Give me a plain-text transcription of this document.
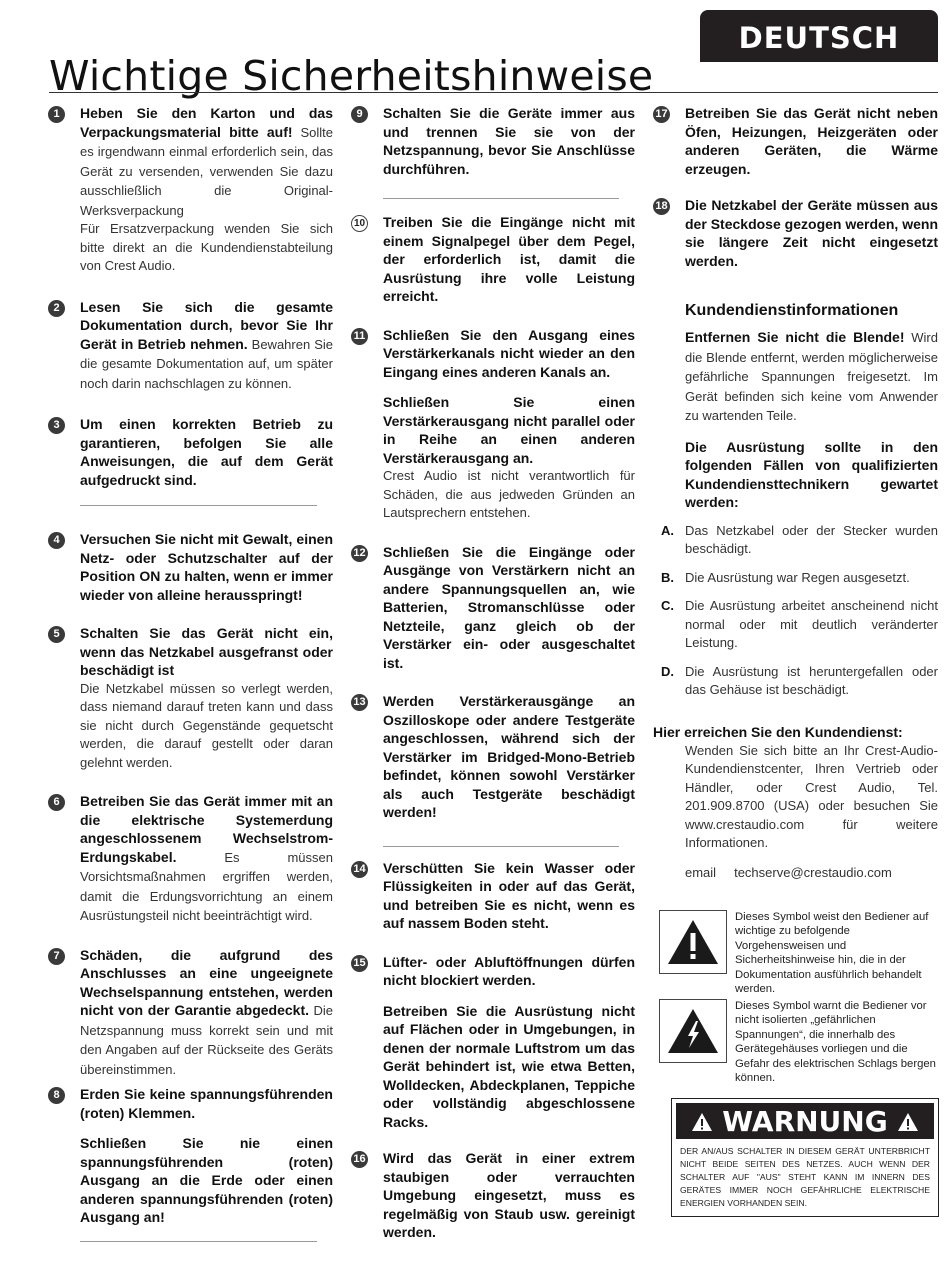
DEUTSCH
Wichtige Sicherheitshinweise
1	Heben Sie den Karton und das Verpackungsmaterial bitte auf! Sollte es irgendwann einmal erforderlich sein, das Gerät zu versenden, verwenden Sie dazu ausschließlich die Original-Werksverpackung

Für Ersatzverpackung wenden Sie sich bitte direkt an die Kundendienstabteilung von Crest Audio.

2	Lesen Sie sich die gesamte Dokumentation durch, bevor Sie Ihr Gerät in Betrieb nehmen. Bewahren Sie die gesamte Dokumentation auf, um später noch darin nachschlagen zu können.

3	Um einen korrekten Betrieb zu garantieren, befolgen Sie alle Anweisungen, die auf dem Gerät aufgedruckt sind.

4	Versuchen Sie nicht mit Gewalt, einen Netz- oder Schutzschalter auf der Position ON zu halten, wenn er immer wieder von alleine herausspringt!

5	Schalten Sie das Gerät nicht ein, wenn das Netzkabel ausgefranst oder beschädigt ist

Die Netzkabel müssen so verlegt werden, dass niemand darauf treten kann und dass sie nicht durch Gegenstände gequetscht werden, die darauf gestellt oder daran gelehnt werden.

6	Betreiben Sie das Gerät immer mit an die elektrische Systemerdung angeschlossenem Wechselstrom-Erdungskabel. Es müssen Vorsichtsmaßnahmen ergriffen werden, damit die Erdungsvorrichtung an einem Ausrüstungsteil nicht beeinträchtigt wird.

7	Schäden, die aufgrund des Anschlusses an eine ungeeignete Wechselspannung entstehen, werden nicht von der Garantie abgedeckt. Die Netzspannung muss korrekt sein und mit den Angaben auf der Rückseite des Geräts übereinstimmen.

8	Erden Sie keine spannungsführenden (roten) Klemmen.

Schließen Sie nie einen spannungsführenden (roten) Ausgang an die Erde oder einen anderen spannungsführenden (roten) Ausgang an!

9	Schalten Sie die Geräte immer aus und trennen Sie sie von der Netzspannung, bevor Sie Anschlüsse durchführen.

10 Treiben Sie die Eingänge nicht mit einem Signalpegel über dem Pegel, der erforderlich ist, damit die Ausrüstung ihre volle Leistung erreicht.

11 Schließen Sie den Ausgang eines Verstärkerkanals nicht wieder an den Eingang eines anderen Kanals an.

Schließen Sie einen Verstärkerausgang nicht parallel oder in Reihe an einen anderen Verstärkerausgang an.

Crest Audio ist nicht verantwortlich für Schäden, die aus jedweden Gründen an Lautsprechern entstehen.

12 Schließen Sie die Eingänge oder Ausgänge von Verstärkern nicht an andere Spannungsquellen an, wie Batterien, Stromanschlüsse oder Netzteile, ganz gleich ob der Verstärker ein- oder ausgeschaltet ist.

13 Werden Verstärkerausgänge an Oszilloskope oder andere Testgeräte angeschlossen, während sich der Verstärker im Bridged-Mono-Betrieb befindet, können sowohl Verstärker als auch Testgeräte beschädigt werden!

14 Verschütten Sie kein Wasser oder Flüssigkeiten in oder auf das Gerät, und betreiben Sie es nicht, wenn es auf nassem Boden steht.

15 Lüfter- oder Abluftöffnungen dürfen nicht blockiert werden.

Betreiben Sie die Ausrüstung nicht auf Flächen oder in Umgebungen, in denen der normale Luftstrom um das Gerät behindert ist, wie etwa Betten, Wolldecken, Abdeckplanen, Teppiche oder vollständig abgeschlossene Racks.

16 Wird das Gerät in einer extrem staubigen oder verrauchten Umgebung eingesetzt, muss es regelmäßig von Staub usw. gereinigt werden.

17 Betreiben Sie das Gerät nicht neben Öfen, Heizungen, Heizgeräten oder anderen Geräten, die Wärme erzeugen.

18 Die Netzkabel der Geräte müssen aus der Steckdose gezogen werden, wenn sie längere Zeit nicht eingesetzt werden.

Kundendienstinformationen

Entfernen Sie nicht die Blende! Wird die Blende entfernt, werden möglicherweise gefährliche Spannungen freigesetzt. Im Gerät befinden sich keine vom Anwender zu wartenden Teile.

Die Ausrüstung sollte in den folgenden Fällen von qualifizierten Kundendiensttechnikern gewartet werden:

A. Das Netzkabel oder der Stecker wurden beschädigt.

B. Die Ausrüstung war Regen ausgesetzt.

C. Die Ausrüstung arbeitet anscheinend nicht normal oder mit deutlich veränderter Leistung.

D. Die Ausrüstung ist heruntergefallen oder das Gehäuse ist beschädigt.

Hier erreichen Sie den Kundendienst:

Wenden Sie sich bitte an Ihr Crest-Audio-Kundendienstcenter, Ihren Vertrieb oder Händler, oder Crest Audio, Tel. 201.909.8700 (USA) oder besuchen Sie www.crestaudio.com für weitere Informationen.

email techserve@crestaudio.com
Dieses Symbol weist den Bediener auf wichtige zu befolgende Vorgehensweisen und Sicherheitshinweise hin, die in der Dokumentation ausführlich behandelt werden.
Dieses Symbol warnt die Bediener vor nicht isolierten „gefährlichen Spannungen“, die innerhalb des Gerätegehäuses vorliegen und die Gefahr des elektrischen Schlags bergen können.
WARNUNG
DER AN/AUS SCHALTER IN DIESEM GERÄT UNTERBRICHT NICHT BEIDE SEITEN DES NETZES. AUCH WENN DER SCHALTER AUF "AUS" STEHT KANN IM INNERN DES GERÄTES IMMER NOCH GEFÄHRLICHE ELEKTRISCHE ENERGIEN VORHANDEN SEIN.
